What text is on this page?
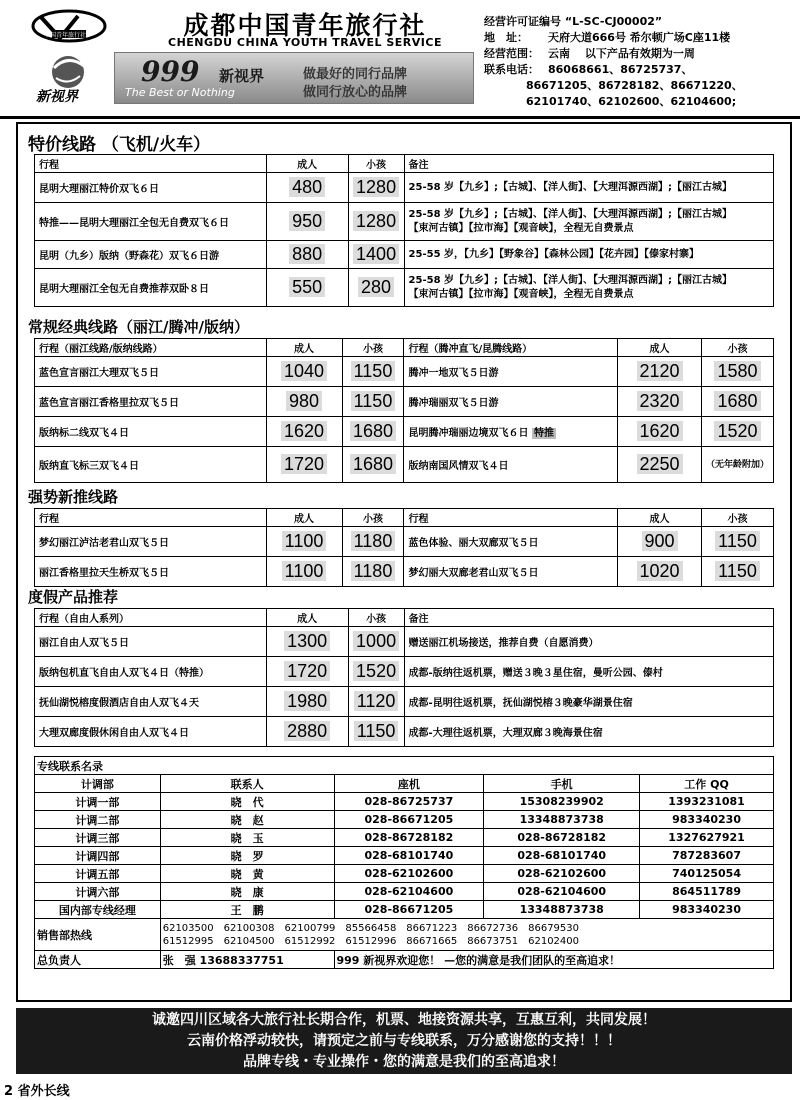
中国青年旅行社
新视界
成都中国青年旅行社
CHENGDU CHINA YOUTH TRAVEL SERVICE
999 新视界
The Best or Nothing
做最好的同行品牌
做同行放心的品牌
经营许可证编号
“L-SC-CJ00002”
地　址：	天府大道666号 希尔顿广场C座11楼
经营范围： 云南　 以下产品有效期为一周
联系电话： 86068661、86725737、
86671205、86728182、86671220、
62101740、62102600、62104600;
特价线路 （飞机/火车）
行程	成人	小孩	备注
昆明大理丽江特价双飞６日	480	1280	25-58 岁【九乡】;【古城】、【洋人街】、【大理洱源西湖】;【丽江古城】

特推——昆明大理丽江全包无自费双飞６日	950	1280	25-58 岁【九乡】;【古城】、【洋人街】、【大理洱源西湖】;【丽江古城】
【束河古镇】【拉市海】【观音峡】，全程无自费景点

昆明（九乡）版纳（野森花）双飞６日游	880	1400	25-55 岁，【九乡】【野象谷】【森林公园】【花卉园】【傣家村寨】

昆明大理丽江全包无自费推荐双卧８日	550	280	25-58 岁【九乡】;【古城】、【洋人街】、【大理洱源西湖】;【丽江古城】
【束河古镇】【拉市海】【观音峡】，全程无自费景点
常规经典线路（丽江/腾冲/版纳）
行程（丽江线路/版纳线路）	成人	小孩	行程（腾冲直飞/昆腾线路）	成人	小孩
蓝色宣言丽江大理双飞５日	1040	1150	腾冲一地双飞５日游	2120	1580
蓝色宣言丽江香格里拉双飞５日	980	1150	腾冲瑞丽双飞５日游	2320	1680
版纳标二线双飞４日	1620	1680	昆明腾冲瑞丽边境双飞６日 特推	1620	1520
版纳直飞标三双飞４日	1720	1680	版纳南国风情双飞４日	2250	（无年龄附加）
强势新推线路
行程	成人	小孩	行程	成人	小孩
梦幻丽江泸沽老君山双飞５日	1100	1180	蓝色体验、丽大双廊双飞５日	900	1150
丽江香格里拉天生桥双飞５日	1100	1180	梦幻丽大双廊老君山双飞５日	1020	1150
度假产品推荐
行程（自由人系列）	成人	小孩	备注
丽江自由人双飞５日	1300	1000	赠送丽江机场接送，推荐自费（自愿消费）
版纳包机直飞自由人双飞４日（特推）	1720	1520	成都-版纳往返机票，赠送３晚３星住宿，曼听公园、傣村
抚仙湖悦榕度假酒店自由人双飞４天	1980	1120	成都-昆明往返机票，抚仙湖悦榕３晚豪华湖景住宿
大理双廊度假休闲自由人双飞４日	2880	1150	成都-大理往返机票，大理双廊３晚海景住宿
专线联系名录				
计调部	联系人	座机	手机	工作 QQ
计调一部	晓　代	028-86725737	15308239902	1393231081
计调二部	晓　赵	028-86671205	13348873738	983340230
计调三部	晓　玉	028-86728182	028-86728182	1327627921
计调四部	晓　罗	028-68101740	028-68101740	787283607
计调五部	晓　黄	028-62102600	028-62102600	740125054
计调六部	晓　康	028-62104600	028-62104600	864511789
国内部专线经理	王　鹏	028-86671205	13348873738	983340230
销售部热线	62103500　62100308　62100799　85566458　86671223　86672736　86679530
61512995　62104500　61512992　61512996　86671665　86673751　62102400			

总负责人	张　强 13688337751	999 新视界欢迎您！ —您的满意是我们团队的至高追求！		
诚邀四川区域各大旅行社长期合作，机票、地接资源共享，互惠互利，共同发展！
云南价格浮动较快，请预定之前与专线联系，万分感谢您的支持！！！
品牌专线・专业操作・您的满意是我们的至高追求！
2 省外长线
